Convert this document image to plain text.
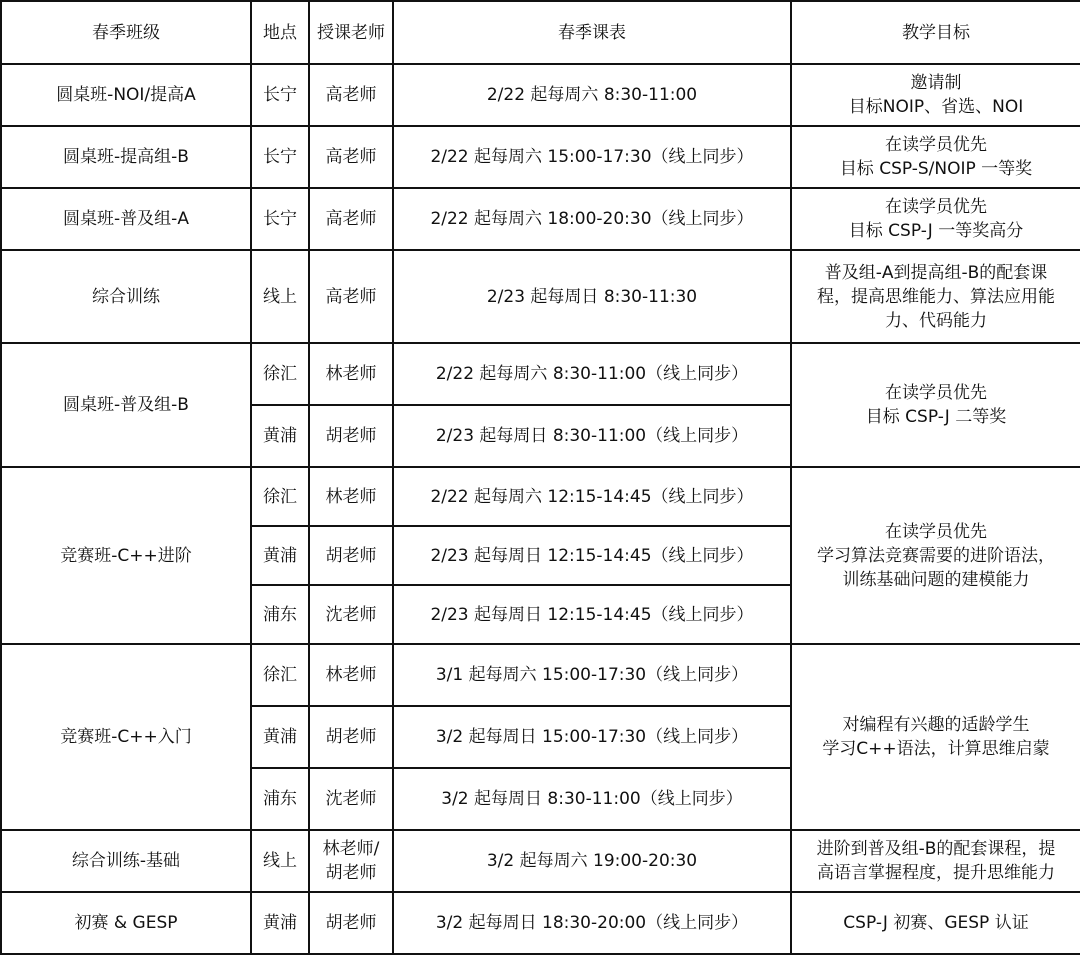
春季班级	地点	授课老师	春季课表	教学目标
圆桌班-NOI/提高A	长宁	高老师	2/22 起每周六 8:30-11:00	邀请制
目标NOIP、省选、NOI
圆桌班-提高组-B	长宁	高老师	2/22 起每周六 15:00-17:30（线上同步）	在读学员优先
目标 CSP-S/NOIP 一等奖
圆桌班-普及组-A	长宁	高老师	2/22 起每周六 18:00-20:30（线上同步）	在读学员优先
目标 CSP-J 一等奖高分
综合训练	线上	高老师	2/23 起每周日 8:30-11:30	普及组-A到提高组-B的配套课
程，提高思维能力、算法应用能
力、代码能力
圆桌班-普及组-B	徐汇	林老师	2/22 起每周六 8:30-11:00（线上同步）	在读学员优先
目标 CSP-J 二等奖
	黄浦	胡老师	2/23 起每周日 8:30-11:00（线上同步）	
竞赛班-C++进阶	徐汇	林老师	2/22 起每周六 12:15-14:45（线上同步）	在读学员优先
学习算法竞赛需要的进阶语法，
训练基础问题的建模能力
	黄浦	胡老师	2/23 起每周日 12:15-14:45（线上同步）	
	浦东	沈老师	2/23 起每周日 12:15-14:45（线上同步）	
竞赛班-C++入门	徐汇	林老师	3/1 起每周六 15:00-17:30（线上同步）	对编程有兴趣的适龄学生
学习C++语法，计算思维启蒙
	黄浦	胡老师	3/2 起每周日 15:00-17:30（线上同步）	
	浦东	沈老师	3/2 起每周日 8:30-11:00（线上同步）	
综合训练-基础	线上	林老师/
胡老师	3/2 起每周六 19:00-20:30	进阶到普及组-B的配套课程，提
高语言掌握程度，提升思维能力
初赛 & GESP	黄浦	胡老师	3/2 起每周日 18:30-20:00（线上同步）	CSP-J 初赛、GESP 认证
